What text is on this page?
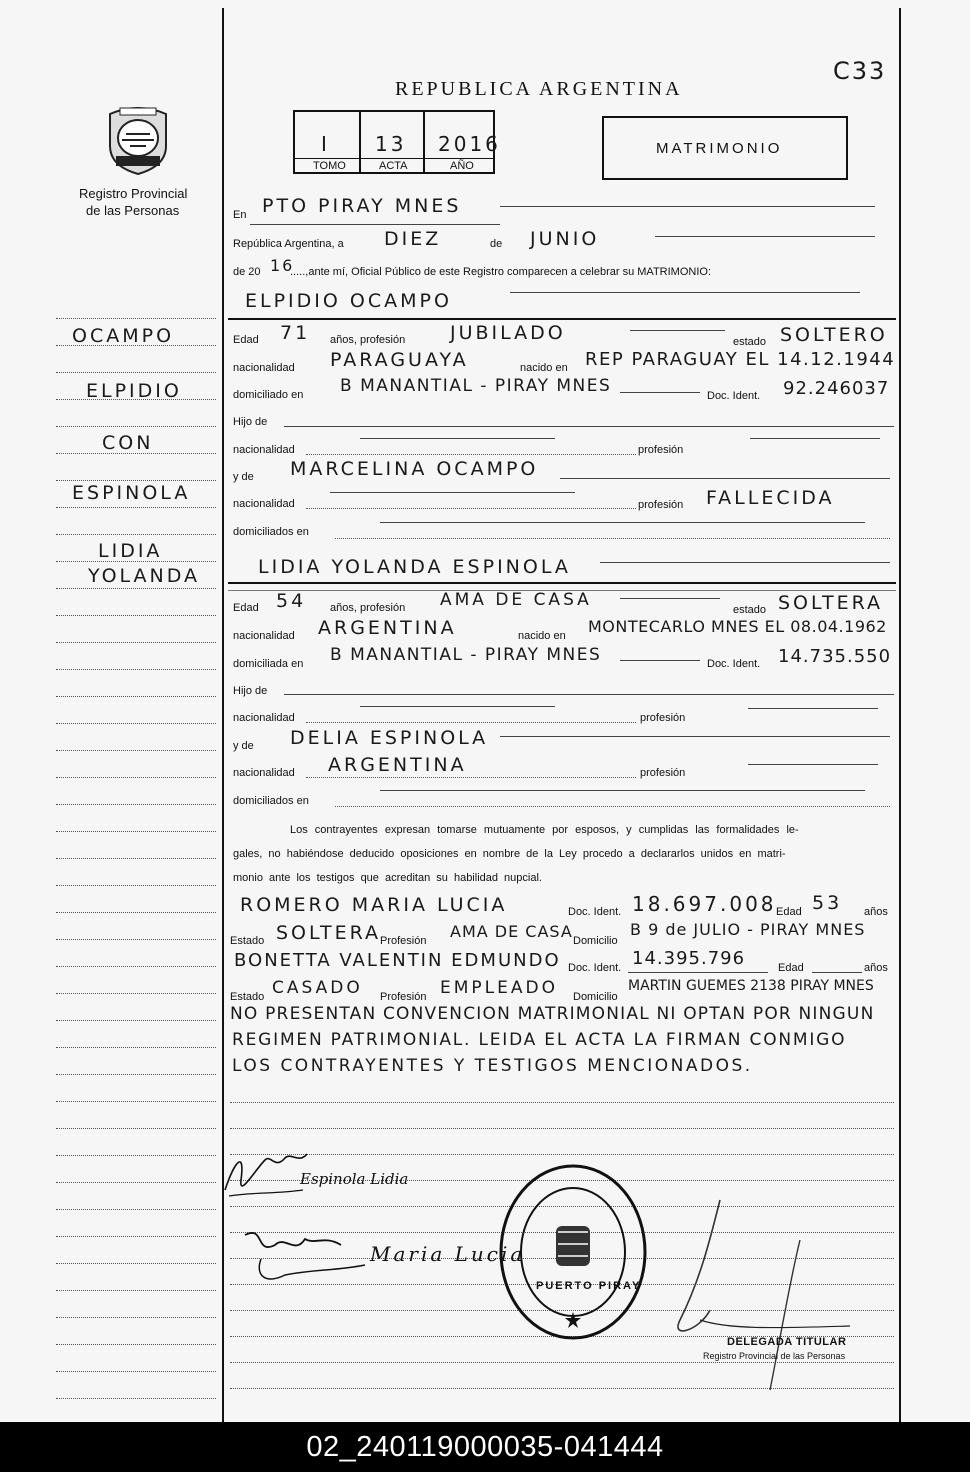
Registro Provincial
de las Personas
REPUBLICA ARGENTINA
C33
I 13 2016
TOMO	ACTA	AÑO
MATRIMONIO
En PTO PIRAY MNES
República Argentina, a DIEZ	de JUNIO
de 20 16
.....,ante mí, Oficial Público de este Registro comparecen a celebrar su MATRIMONIO:
ELPIDIO OCAMPO
OCAMPO
ELPIDIO
CON
ESPINOLA
LIDIA
YOLANDA
Edad 71 años, profesión JUBILADO	estado SOLTERO
nacionalidad PARAGUAYA	nacido en REP PARAGUAY EL 14.12.1944
domiciliado en B MANANTIAL - PIRAY MNES	Doc. Ident. 92.246037
Hijo de
nacionalidad	profesión
y de MARCELINA OCAMPO
nacionalidad	profesión FALLECIDA
domiciliados en
LIDIA YOLANDA ESPINOLA
Edad 54 años, profesión AMA DE CASA	estado SOLTERA
nacionalidad ARGENTINA	nacido en MONTECARLO MNES EL 08.04.1962
domiciliada en B MANANTIAL - PIRAY MNES	Doc. Ident. 14.735.550
Hijo de
nacionalidad	profesión
y de DELIA ESPINOLA
nacionalidad ARGENTINA	profesión
domiciliados en
Los contrayentes expresan tomarse mutuamente por esposos, y cumplidas las formalidades le-
gales, no habiéndose deducido oposiciones en nombre de la Ley procedo a declararlos unidos en matri-
monio ante los testigos que acreditan su habilidad nupcial.
ROMERO MARIA LUCIA	Doc. Ident. 18.697.008 Edad 53 años
Estado SOLTERA
Profesión AMA DE CASA Domicilio
B 9 de JULIO - PIRAY MNES
BONETTA VALENTIN EDMUNDO Doc. Ident. 14.395.796	Edad	años
Estado CASADO Profesión EMPLEADO Domicilio
MARTIN GUEMES 2138 PIRAY MNES
NO PRESENTAN CONVENCION MATRIMONIAL NI OPTAN POR NINGUN
REGIMEN PATRIMONIAL. LEIDA EL ACTA LA FIRMAN CONMIGO
LOS CONTRAYENTES Y TESTIGOS MENCIONADOS.
Espinola Lidia
Maria Lucia
PUERTO PIRAY
DELEGADA TITULAR
Registro Provincial de las Personas
02_240119000035-041444
